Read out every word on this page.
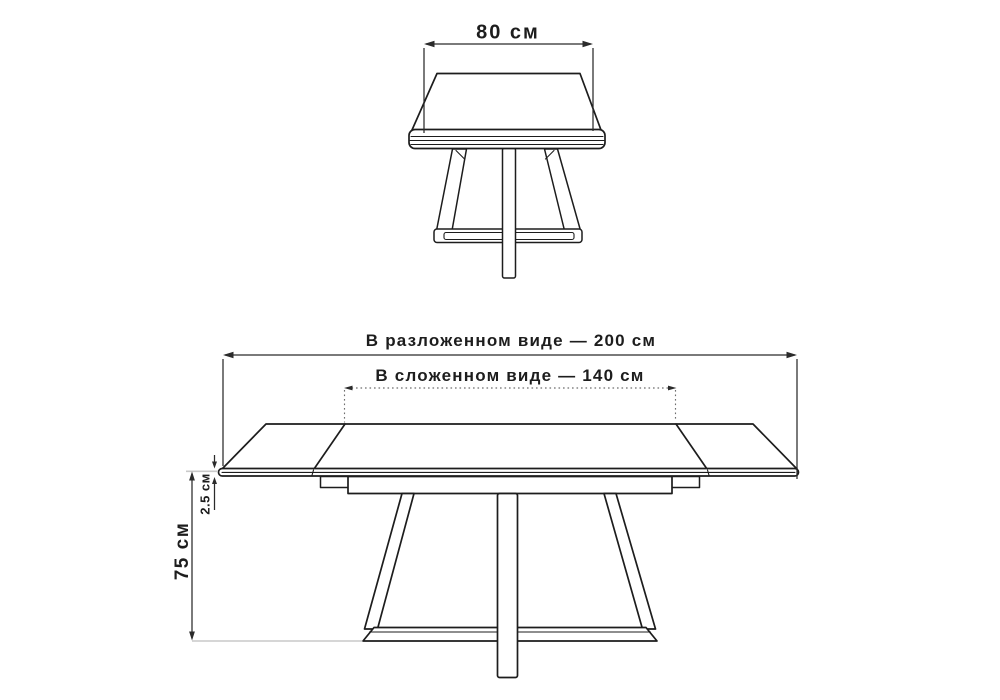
80 см
В разложенном виде — 200 см
В сложенном виде — 140 см
75 см
2.5 см
